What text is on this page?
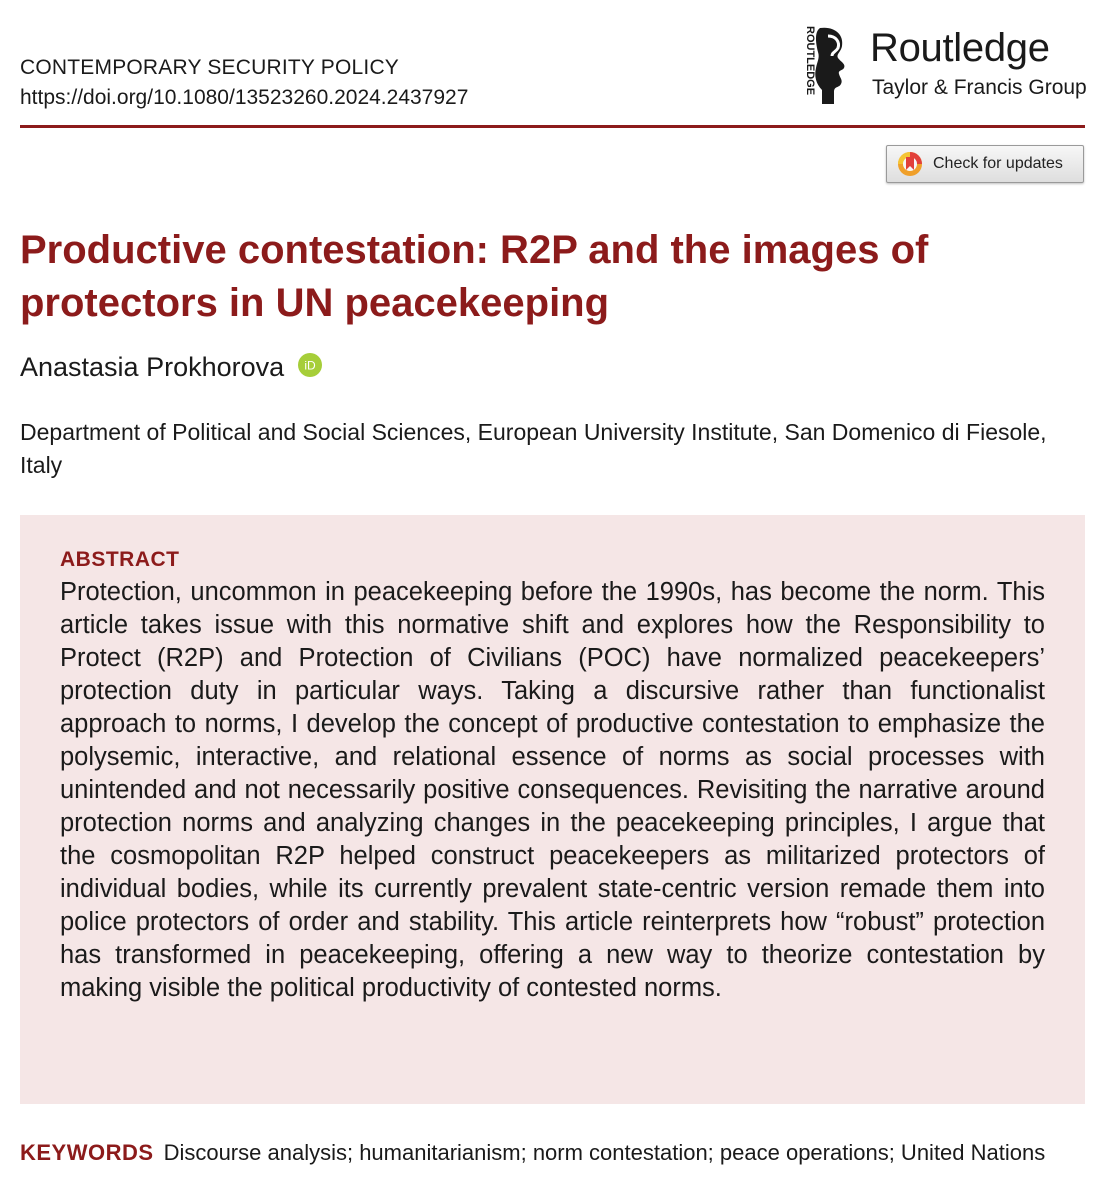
CONTEMPORARY SECURITY POLICY
https://doi.org/10.1080/13523260.2024.2437927
ROUTLEDGE Routledge
Taylor & Francis Group
Check for updates
Productive contestation: R2P and the images of protectors in UN peacekeeping
Anastasia Prokhorova iD
Department of Political and Social Sciences, European University Institute, San Domenico di Fiesole, Italy
ABSTRACT
Protection, uncommon in peacekeeping before the 1990s, has become the norm. This article takes issue with this normative shift and explores how the Responsibility to Protect (R2P) and Protection of Civilians (POC) have normalized peacekeepers’ protection duty in particular ways. Taking a discursive rather than functionalist approach to norms, I develop the concept of productive contestation to emphasize the polysemic, interactive, and relational essence of norms as social processes with unintended and not necessarily positive consequences. Revisiting the narrative around protection norms and analyzing changes in the peacekeeping principles, I argue that the cosmopolitan R2P helped construct peacekeepers as militarized protectors of individual bodies, while its currently prevalent state-centric version remade them into police protectors of order and stability. This article reinterprets how “robust” protection has transformed in peacekeeping, offering a new way to theorize contestation by making visible the political productivity of contested norms.
KEYWORDS Discourse analysis; humanitarianism; norm contestation; peace operations; United Nations
